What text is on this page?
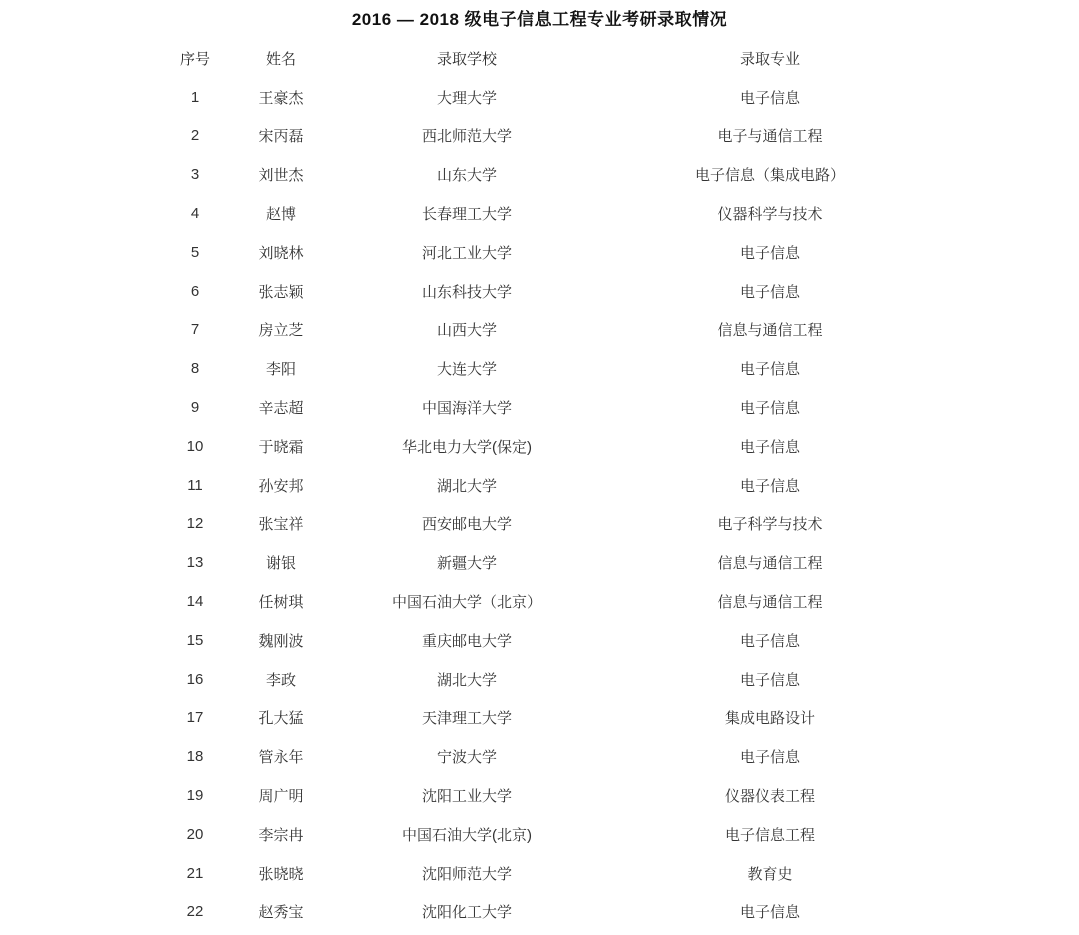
2016 — 2018 级电子信息工程专业考研录取情况
序号	姓名	录取学校	录取专业
1	王豪杰	大理大学	电子信息
2	宋丙磊	西北师范大学	电子与通信工程
3	刘世杰	山东大学	电子信息（集成电路）
4	赵博	长春理工大学	仪器科学与技术
5	刘晓林	河北工业大学	电子信息
6	张志颖	山东科技大学	电子信息
7	房立芝	山西大学	信息与通信工程
8	李阳	大连大学	电子信息
9	辛志超	中国海洋大学	电子信息
10	于晓霜	华北电力大学(保定)	电子信息
11	孙安邦	湖北大学	电子信息
12	张宝祥	西安邮电大学	电子科学与技术
13	谢银	新疆大学	信息与通信工程
14	任树琪	中国石油大学（北京）	信息与通信工程
15	魏刚波	重庆邮电大学	电子信息
16	李政	湖北大学	电子信息
17	孔大猛	天津理工大学	集成电路设计
18	管永年	宁波大学	电子信息
19	周广明	沈阳工业大学	仪器仪表工程
20	李宗冉	中国石油大学(北京)	电子信息工程
21	张晓晓	沈阳师范大学	教育史
22	赵秀宝	沈阳化工大学	电子信息
